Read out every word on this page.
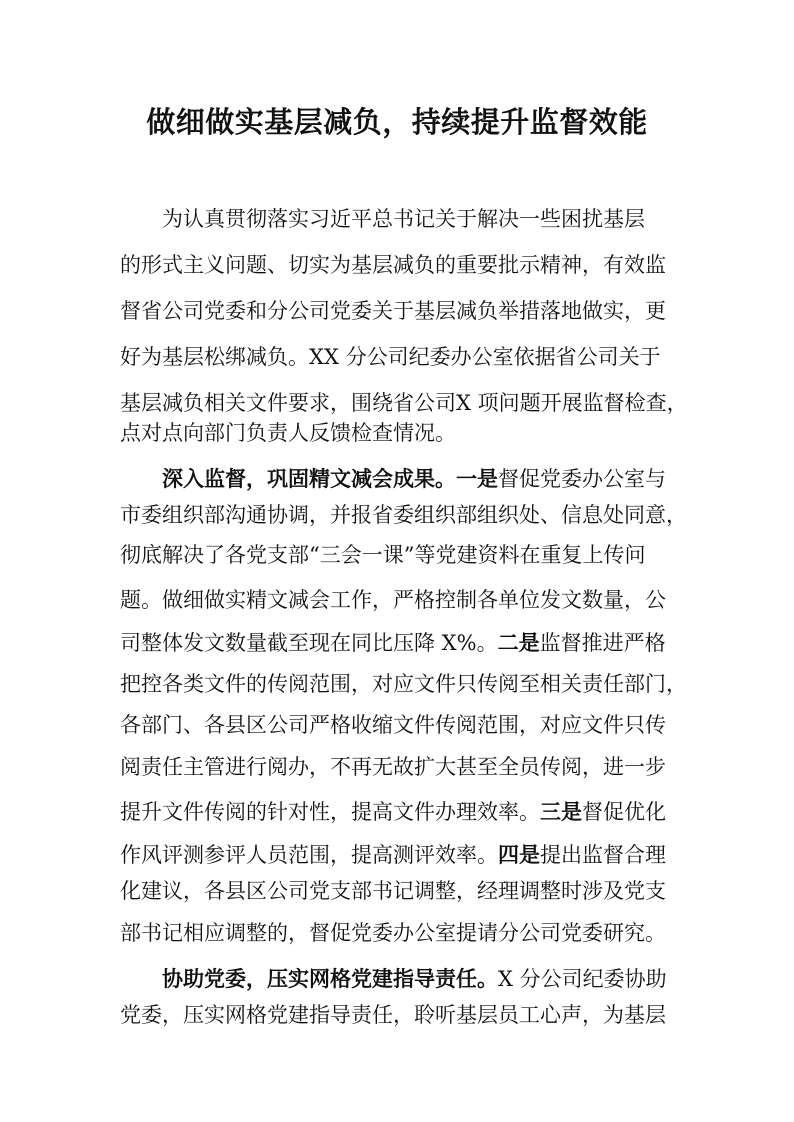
做细做实基层减负，持续提升监督效能
为认真贯彻落实习近平总书记关于解决一些困扰基层
的形式主义问题、切实为基层减负的重要批示精神，有效监
督省公司党委和分公司党委关于基层减负举措落地做实，更
好为基层松绑减负。XX 分公司纪委办公室依据省公司关于
基层减负相关文件要求，围绕省公司X 项问题开展监督检查，
点对点向部门负责人反馈检查情况。
深入监督，巩固精文减会成果。一是督促党委办公室与
市委组织部沟通协调，并报省委组织部组织处、信息处同意，
彻底解决了各党支部“三会一课”等党建资料在重复上传问
题。做细做实精文减会工作，严格控制各单位发文数量，公
司整体发文数量截至现在同比压降 X%。二是监督推进严格
把控各类文件的传阅范围，对应文件只传阅至相关责任部门，
各部门、各县区公司严格收缩文件传阅范围，对应文件只传
阅责任主管进行阅办，不再无故扩大甚至全员传阅，进一步
提升文件传阅的针对性，提高文件办理效率。三是督促优化
作风评测参评人员范围，提高测评效率。四是提出监督合理
化建议，各县区公司党支部书记调整，经理调整时涉及党支
部书记相应调整的，督促党委办公室提请分公司党委研究。
协助党委，压实网格党建指导责任。X 分公司纪委协助
党委，压实网格党建指导责任，聆听基层员工心声，为基层
